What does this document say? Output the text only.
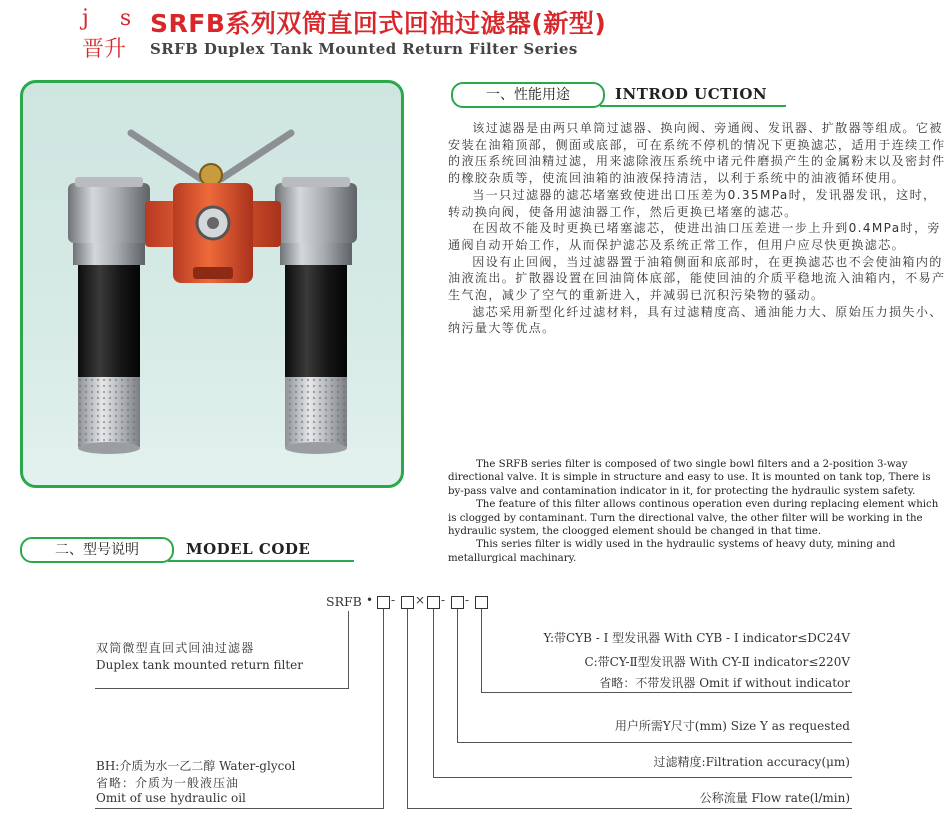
j s
晋升
SRFB系列双筒直回式回油过滤器(新型)
SRFB Duplex Tank Mounted Return Filter Series
一、性能用途	INTROD UCTION

该过滤器是由两只单筒过滤器、换向阀、旁通阀、发讯器、扩散器等组成。它被安装在油箱顶部，侧面或底部，可在系统不停机的情况下更换滤芯，适用于连续工作的液压系统回油精过滤，用来滤除液压系统中诸元件磨损产生的金属粉末以及密封件的橡胶杂质等，使流回油箱的油液保持清洁，以利于系统中的油液循环使用。

当一只过滤器的滤芯堵塞致使进出口压差为0.35MPa时，发讯器发讯，这时，转动换向阀，使备用滤油器工作，然后更换已堵塞的滤芯。

在因故不能及时更换已堵塞滤芯，使进出油口压差进一步上升到0.4MPa时，旁通阀自动开始工作，从而保护滤芯及系统正常工作，但用户应尽快更换滤芯。

因设有止回阀，当过滤器置于油箱侧面和底部时，在更换滤芯也不会使油箱内的油液流出。扩散器设置在回油筒体底部，能使回油的介质平稳地流入油箱内，不易产生气泡，减少了空气的重新进入，并减弱已沉积污染物的骚动。

滤芯采用新型化纤过滤材料，具有过滤精度高、通油能力大、原始压力损失小、纳污量大等优点。

The SRFB series filter is composed of two single bowl filters and a 2-position 3-way directional valve. It is simple in structure and easy to use. It is mounted on tank top, There is by-pass valve and contamination indicator in it, for protecting the hydraulic system safety.

The feature of this filter allows continous operation even during replacing element which is clogged by contaminant. Turn the directional valve, the other filter will be working in the hydraulic system, the cloogged element should be changed in that time.

This series filter is widly used in the hydraulic systems of heavy duty, mining and metallurgical machinary.

二、型号说明	MODEL CODE
SRFB • - × - -
双筒微型直回式回油过滤器
Duplex tank mounted return filter
BH:介质为水一乙二醇 Water-glycol
省略：介质为一般液压油
Omit of use hydraulic oil
Y:带CYB - Ⅰ 型发讯器 With CYB - Ⅰ indicator≤DC24V
C:带CY-Ⅱ型发讯器 With CY-Ⅱ indicator≤220V
省略：不带发讯器 Omit if without indicator
用户所需Y尺寸(mm) Size Y as requested
过滤精度:Filtration accuracy(μm)
公称流量 Flow rate(l/min)
